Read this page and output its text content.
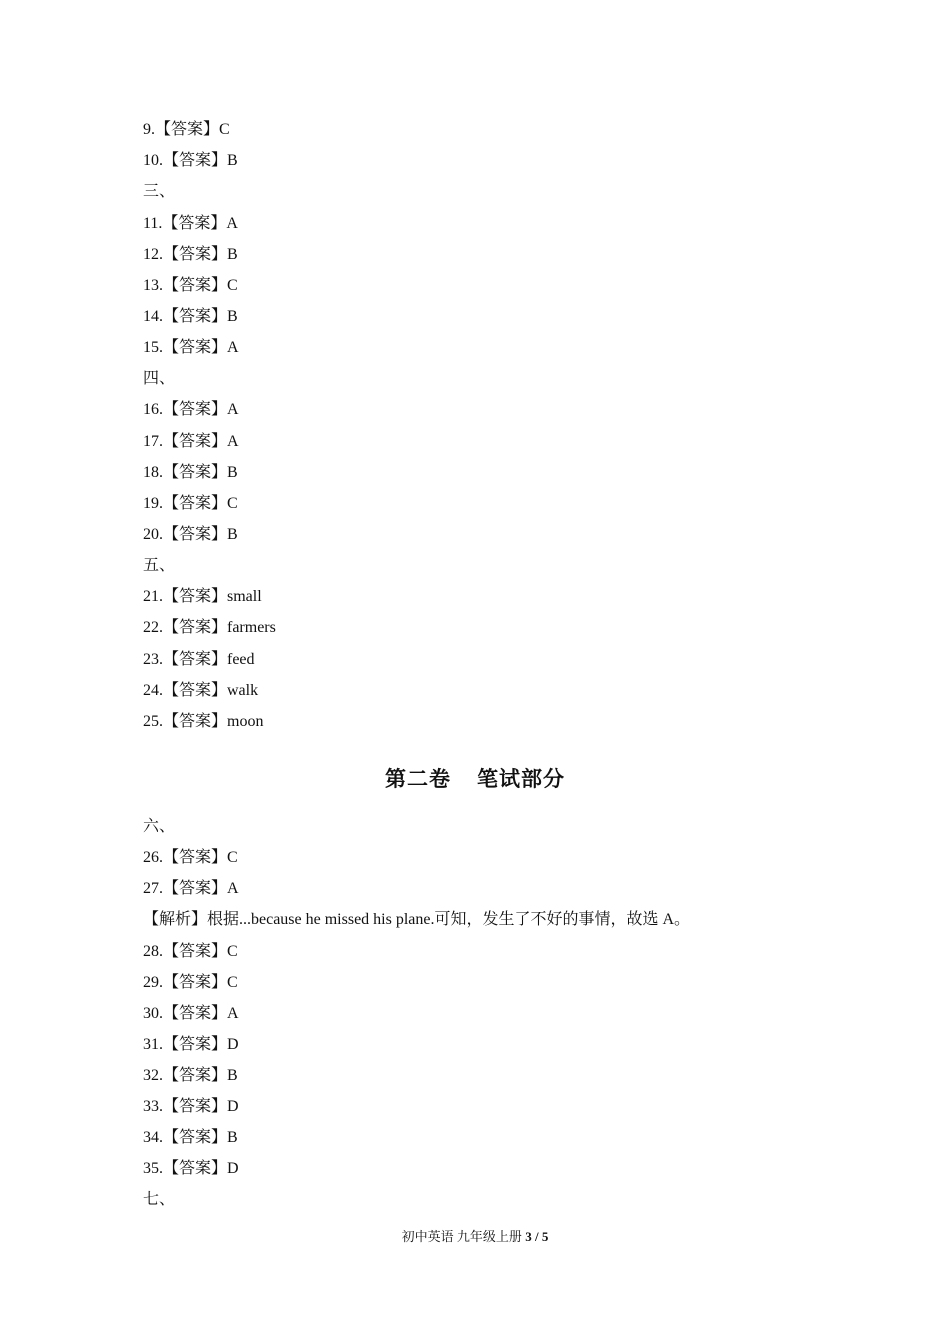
9.【答案】C
10.【答案】B
三、
11.【答案】A
12.【答案】B
13.【答案】C
14.【答案】B
15.【答案】A
四、
16.【答案】A
17.【答案】A
18.【答案】B
19.【答案】C
20.【答案】B
五、
21.【答案】small
22.【答案】farmers
23.【答案】feed
24.【答案】walk
25.【答案】moon
第二卷 笔试部分
六、
26.【答案】C
27.【答案】A
【解析】根据...because he missed his plane.可知，发生了不好的事情，故选 A。
28.【答案】C
29.【答案】C
30.【答案】A
31.【答案】D
32.【答案】B
33.【答案】D
34.【答案】B
35.【答案】D
七、
初中英语 九年级上册 3 / 5
